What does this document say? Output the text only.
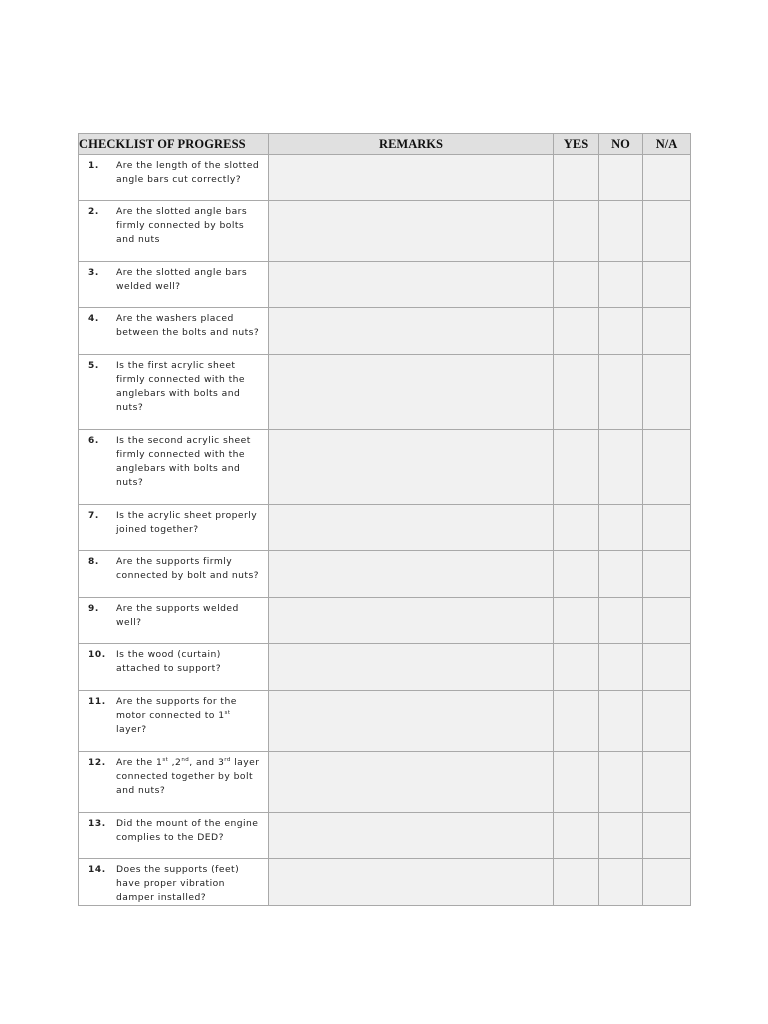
CHECKLIST OF PROGRESS	REMARKS	YES	NO	N/A

1. Are the length of the slotted
angle bars cut correctly?				

2. Are the slotted angle bars
firmly connected by bolts
and nuts				

3. Are the slotted angle bars
welded well?				

4. Are the washers placed
between the bolts and nuts?				

5. Is the first acrylic sheet
firmly connected with the
anglebars with bolts and
nuts?				

6. Is the second acrylic sheet
firmly connected with the
anglebars with bolts and
nuts?				

7. Is the acrylic sheet properly
joined together?				

8. Are the supports firmly
connected by bolt and nuts?				

9. Are the supports welded
well?				

10. Is the wood (curtain)
attached to support?				

11. Are the supports for the
motor connected to 1st
layer?				

12. Are the 1st ,2nd, and 3rd layer
connected together by bolt
and nuts?				

13. Did the mount of the engine
complies to the DED?				

14. Does the supports (feet)
have proper vibration
damper installed?				
